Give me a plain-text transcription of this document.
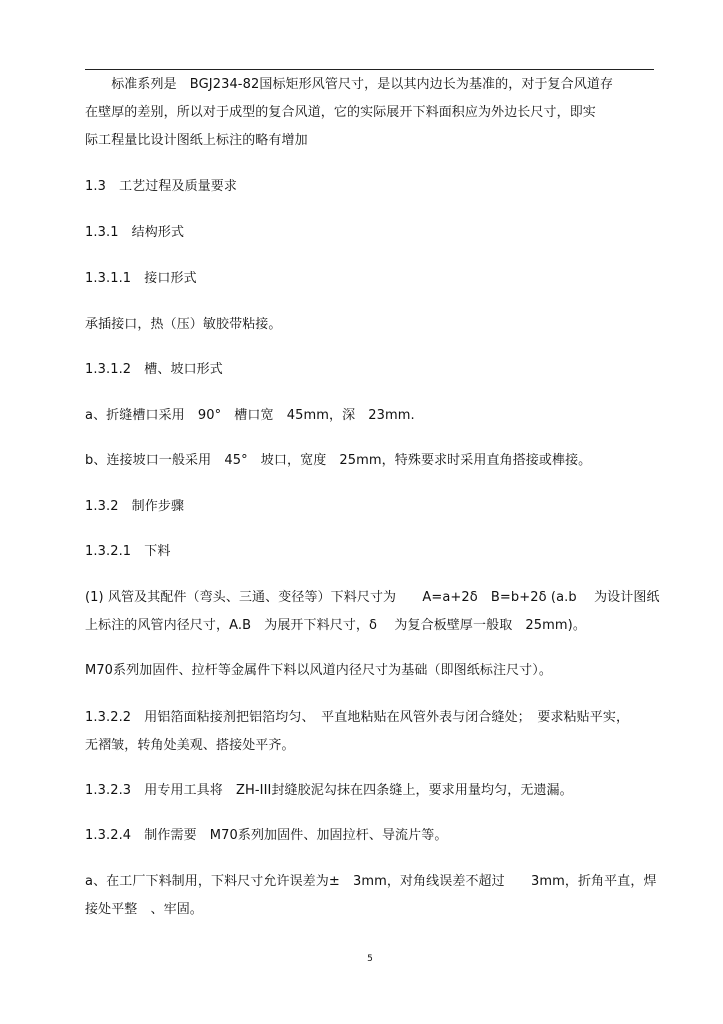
　　标准系列是　BGJ234-82国标矩形风管尺寸，是以其内边长为基准的，对于复合风道存
在壁厚的差别，所以对于成型的复合风道，它的实际展开下料面积应为外边长尺寸，即实
际工程量比设计图纸上标注的略有增加
1.3　工艺过程及质量要求
1.3.1　结构形式
1.3.1.1　接口形式
承插接口，热（压）敏胶带粘接。
1.3.1.2　槽、坡口形式
a、折缝槽口采用　90°　槽口宽　45mm，深　23mm.
b、连接坡口一般采用　45°　坡口，宽度　25mm，特殊要求时采用直角搭接或榫接。
1.3.2　制作步骤
1.3.2.1　下料
(1) 风管及其配件（弯头、三通、变径等）下料尺寸为　　A=a+2δ　B=b+2δ (a.b　 为设计图纸
上标注的风管内径尺寸，A.B　为展开下料尺寸，δ　 为复合板壁厚一般取　25mm)。
M70系列加固件、拉杆等金属件下料以风道内径尺寸为基础（即图纸标注尺寸）。
1.3.2.2　用铝箔面粘接剂把铝箔均匀、　平直地粘贴在风管外表与闭合缝处；　要求粘贴平实，
无褶皱，转角处美观、搭接处平齐。
1.3.2.3　用专用工具将　ZH-III封缝胶泥勾抹在四条缝上，要求用量均匀，无遗漏。
1.3.2.4　制作需要　M70系列加固件、加固拉杆、导流片等。
a、在工厂下料制用，下料尺寸允许误差为±　3mm，对角线误差不超过　　3mm，折角平直，焊
接处平整　、牢固。
5
